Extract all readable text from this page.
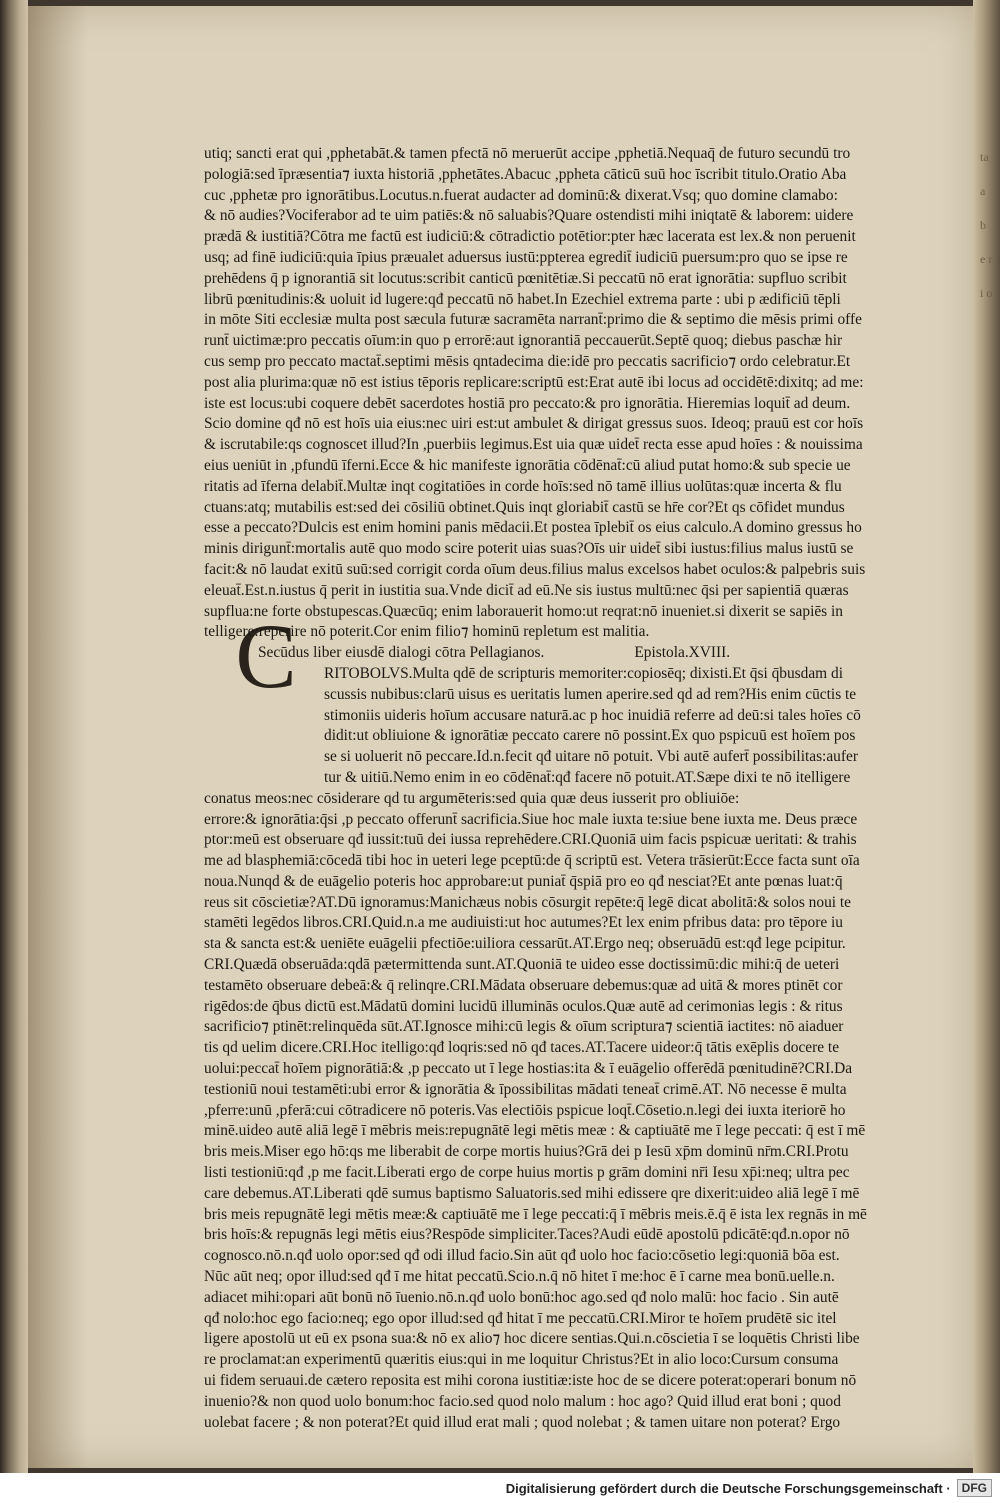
ta a b e r i o
C
utiq; sancti erat qui ,pphetabāt.& tamen pfectā nō meruerūt accipe ,pphetiā.Nequaq̄ de futuro secundū tro
pologiā:sed īpræsentia⁊ iuxta historiā ,pphetātes.Abacuc ,ppheta cāticū suū hoc īscribit titulo.Oratio Aba
cuc ,pphetæ pro ignorātibus.Locutus.n.fuerat audacter ad dominū:& dixerat.Vsq; quo domine clamabo:
& nō audies?Vociferabor ad te uim patiēs:& nō saluabis?Quare ostendisti mihi iniqtatē & laborem: uidere
prædā & iustitiā?Cōtra me factū est iudiciū:& cōtradictio potētior:pter hæc lacerata est lex.& non peruenit
usq; ad finē iudiciū:quia īpius præualet aduersus iustū:ppterea egredit̄ iudiciū puersum:pro quo se ipse re
prehēdens q̄ p ignorantiā sit locutus:scribit canticū pœnitētiæ.Si peccatū nō erat ignorātia: supfluo scribit
librū pœnitudinis:& uoluit id lugere:qđ peccatū nō habet.In Ezechiel extrema parte : ubi p ædificiū tēpli
in mōte Siti ecclesiæ multa post sæcula futuræ sacramēta narrant̄:primo die & septimo die mēsis primi offe
runt̄ uictimæ:pro peccatis oīum:in quo p errorē:aut ignorantiā peccauerūt.Septē quoq; diebus paschæ hir
cus semp pro peccato mactat̄.septimi mēsis qntadecima die:idē pro peccatis sacrificio⁊ ordo celebratur.Et
post alia plurima:quæ nō est istius tēporis replicare:scriptū est:Erat autē ibi locus ad occidētē:dixitq; ad me:
iste est locus:ubi coquere debēt sacerdotes hostiā pro peccato:& pro ignorātia. Hieremias loquit̄ ad deum.
Scio domine qđ nō est hoīs uia eius:nec uiri est:ut ambulet & dirigat gressus suos. Ideoq; prauū est cor hoīs
& iscrutabile:qs cognoscet illud?In ,puerbiis legimus.Est uia quæ uidet̄ recta esse apud hoīes : & nouissima
eius ueniūt in ,pfundū īferni.Ecce & hic manifeste ignorātia cōdēnat̄:cū aliud putat homo:& sub specie ue
ritatis ad īferna delabit̄.Multæ inqt cogitatiōes in corde hoīs:sed nō tamē illius uolūtas:quæ incerta & flu
ctuans:atq; mutabilis est:sed dei cōsiliū obtinet.Quis inqt gloriabit̄ castū se hr̄e cor?Et qs cōfidet mundus
esse a peccato?Dulcis est enim homini panis mēdacii.Et postea īplebit̄ os eius calculo.A domino gressus ho
minis dirigunt̄:mortalis autē quo modo scire poterit uias suas?Oīs uir uidet̄ sibi iustus:filius malus iustū se
facit:& nō laudat exitū suū:sed corrigit corda oīum deus.filius malus excelsos habet oculos:& palpebris suis
eleuat̄.Est.n.iustus q̄ perit in iustitia sua.Vnde dicit̄ ad eū.Ne sis iustus multū:nec q̄si per sapientiā quæras
supflua:ne forte obstupescas.Quæcūq; enim laborauerit homo:ut reqrat:nō inueniet.si dixerit se sapiēs in
telligere:reperire nō poterit.Cor enim filio⁊ hominū repletum est malitia.
Secūdus liber eiusdē dialogi cōtra Pellagianos.	Epistola.XVIII.
RITOBOLVS.Multa qdē de scripturis memoriter:copiosēq; dixisti.Et q̄si q̄busdam di
scussis nubibus:clarū uisus es ueritatis lumen aperire.sed qd ad rem?His enim cūctis te
stimoniis uideris hoīum accusare naturā.ac p hoc inuidiā referre ad deū:si tales hoīes cō
didit:ut obliuione & ignorātiæ peccato carere nō possint.Ex quo pspicuū est hoīem pos
se si uoluerit nō peccare.Id.n.fecit qđ uitare nō potuit. Vbi autē aufert̄ possibilitas:aufer
tur & uitiū.Nemo enim in eo cōdēnat̄:qđ facere nō potuit.AT.Sæpe dixi te nō itelligere
conatus meos:nec cōsiderare qd tu argumēteris:sed quia quæ deus iusserit pro obliuiōe:
errore:& ignorātia:q̄si ,p peccato offerunt̄ sacrificia.Siue hoc male iuxta te:siue bene iuxta me. Deus præce
ptor:meū est obseruare qđ iussit:tuū dei iussa reprehēdere.CRI.Quoniā uim facis pspicuæ ueritati: & trahis
me ad blasphemiā:cōcedā tibi hoc in ueteri lege pceptū:de q̄ scriptū est. Vetera trāsierūt:Ecce facta sunt oīa
noua.Nunqd & de euāgelio poteris hoc approbare:ut puniat̄ q̄spiā pro eo qđ nesciat?Et ante pœnas luat:q̄
reus sit cōscietiæ?AT.Dū ignoramus:Manichæus nobis cōsurgit repēte:q̄ legē dicat abolitā:& solos noui te
stamēti legēdos libros.CRI.Quid.n.a me audiuisti:ut hoc autumes?Et lex enim pfribus data: pro tēpore iu
sta & sancta est:& ueniēte euāgelii pfectiōe:uiliora cessarūt.AT.Ergo neq; obseruādū est:qđ lege pcipitur.
CRI.Quædā obseruāda:qdā pætermittenda sunt.AT.Quoniā te uideo esse doctissimū:dic mihi:q̄ de ueteri
testamēto obseruare debeā:& q̄ relinqre.CRI.Mādata obseruare debemus:quæ ad uitā & mores ptinēt cor
rigēdos:de q̄bus dictū est.Mādatū domini lucidū illuminās oculos.Quæ autē ad cerimonias legis : & ritus
sacrificio⁊ ptinēt:relinquēda sūt.AT.Ignosce mihi:cū legis & oīum scriptura⁊ scientiā iactites: nō aiaduer
tis qd uelim dicere.CRI.Hoc itelligo:qđ loqris:sed nō qđ taces.AT.Tacere uideor:q̄ tātis exēplis docere te
uolui:peccat̄ hoīem pignorātiā:& ,p peccato ut ī lege hostias:ita & ī euāgelio offerēdā pœnitudinē?CRI.Da
testioniū noui testamēti:ubi error & ignorātia & īpossibilitas mādati teneat̄ crimē.AT. Nō necesse ē multa
,pferre:unū ,pferā:cui cōtradicere nō poteris.Vas electiōis pspicue loqt̄.Cōsetio.n.legi dei iuxta iteriorē ho
minē.uideo autē aliā legē ī mēbris meis:repugnātē legi mētis meæ : & captiuātē me ī lege peccati: q̄ est ī mē
bris meis.Miser ego hō:qs me liberabit de corpe mortis huius?Grā dei p Iesū xp̄m dominū nr̄m.CRI.Protu
listi testioniū:qđ ,p me facit.Liberati ergo de corpe huius mortis p grām domini nr̄i Iesu xp̄i:neq; ultra pec
care debemus.AT.Liberati qdē sumus baptismo Saluatoris.sed mihi edissere qre dixerit:uideo aliā legē ī mē
bris meis repugnātē legi mētis meæ:& captiuātē me ī lege peccati:q̄ ī mēbris meis.ē.q̄ ē ista lex regnās in mē
bris hoīs:& repugnās legi mētis eius?Respōde simpliciter.Taces?Audi eūdē apostolū pdicātē:qđ.n.opor nō
cognosco.nō.n.qđ uolo opor:sed qđ odi illud facio.Sin aūt qđ uolo hoc facio:cōsetio legi:quoniā bōa est.
Nūc aūt neq; opor illud:sed qđ ī me hitat peccatū.Scio.n.q̄ nō hitet ī me:hoc ē ī carne mea bonū.uelle.n.
adiacet mihi:opari aūt bonū nō īuenio.nō.n.qđ uolo bonū:hoc ago.sed qđ nolo malū: hoc facio . Sin autē
qđ nolo:hoc ego facio:neq; ego opor illud:sed qđ hitat ī me peccatū.CRI.Miror te hoīem prudētē sic itel
ligere apostolū ut eū ex psona sua:& nō ex alio⁊ hoc dicere sentias.Qui.n.cōscietia ī se loquētis Christi libe
re proclamat:an experimentū quæritis eius:qui in me loquitur Christus?Et in alio loco:Cursum consuma
ui fidem seruaui.de cætero reposita est mihi corona iustitiæ:iste hoc de se dicere poterat:operari bonum nō
inuenio?& non quod uolo bonum:hoc facio.sed quod nolo malum : hoc ago? Quid illud erat boni ; quod
uolebat facere ; & non poterat?Et quid illud erat mali ; quod nolebat ; & tamen uitare non poterat? Ergo
Digitalisierung gefördert durch die Deutsche Forschungsgemeinschaft · DFG
